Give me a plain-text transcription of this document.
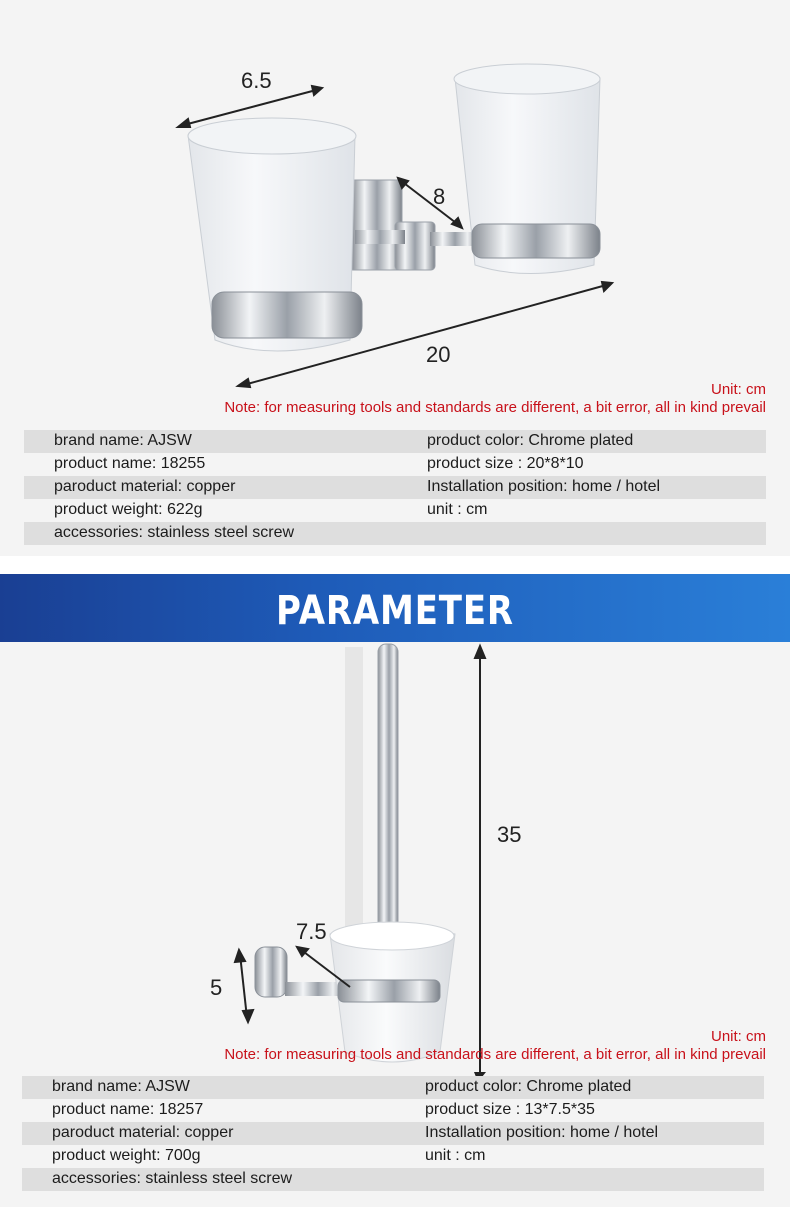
6.5
8
20
Unit: cm
Note: for measuring tools and standards are different, a bit error, all in kind prevail
brand name: AJSW	product color: Chrome plated
product name: 18255	product size : 20*8*10
paroduct material: copper	Installation position: home / hotel
product weight: 622g	unit : cm
accessories: stainless steel screw
PARAMETER
35
7.5
5
Unit: cm
Note: for measuring tools and standards are different, a bit error, all in kind prevail
brand name: AJSW	product color: Chrome plated
product name: 18257	product size : 13*7.5*35
paroduct material: copper	Installation position: home / hotel
product weight: 700g	unit : cm
accessories: stainless steel screw
